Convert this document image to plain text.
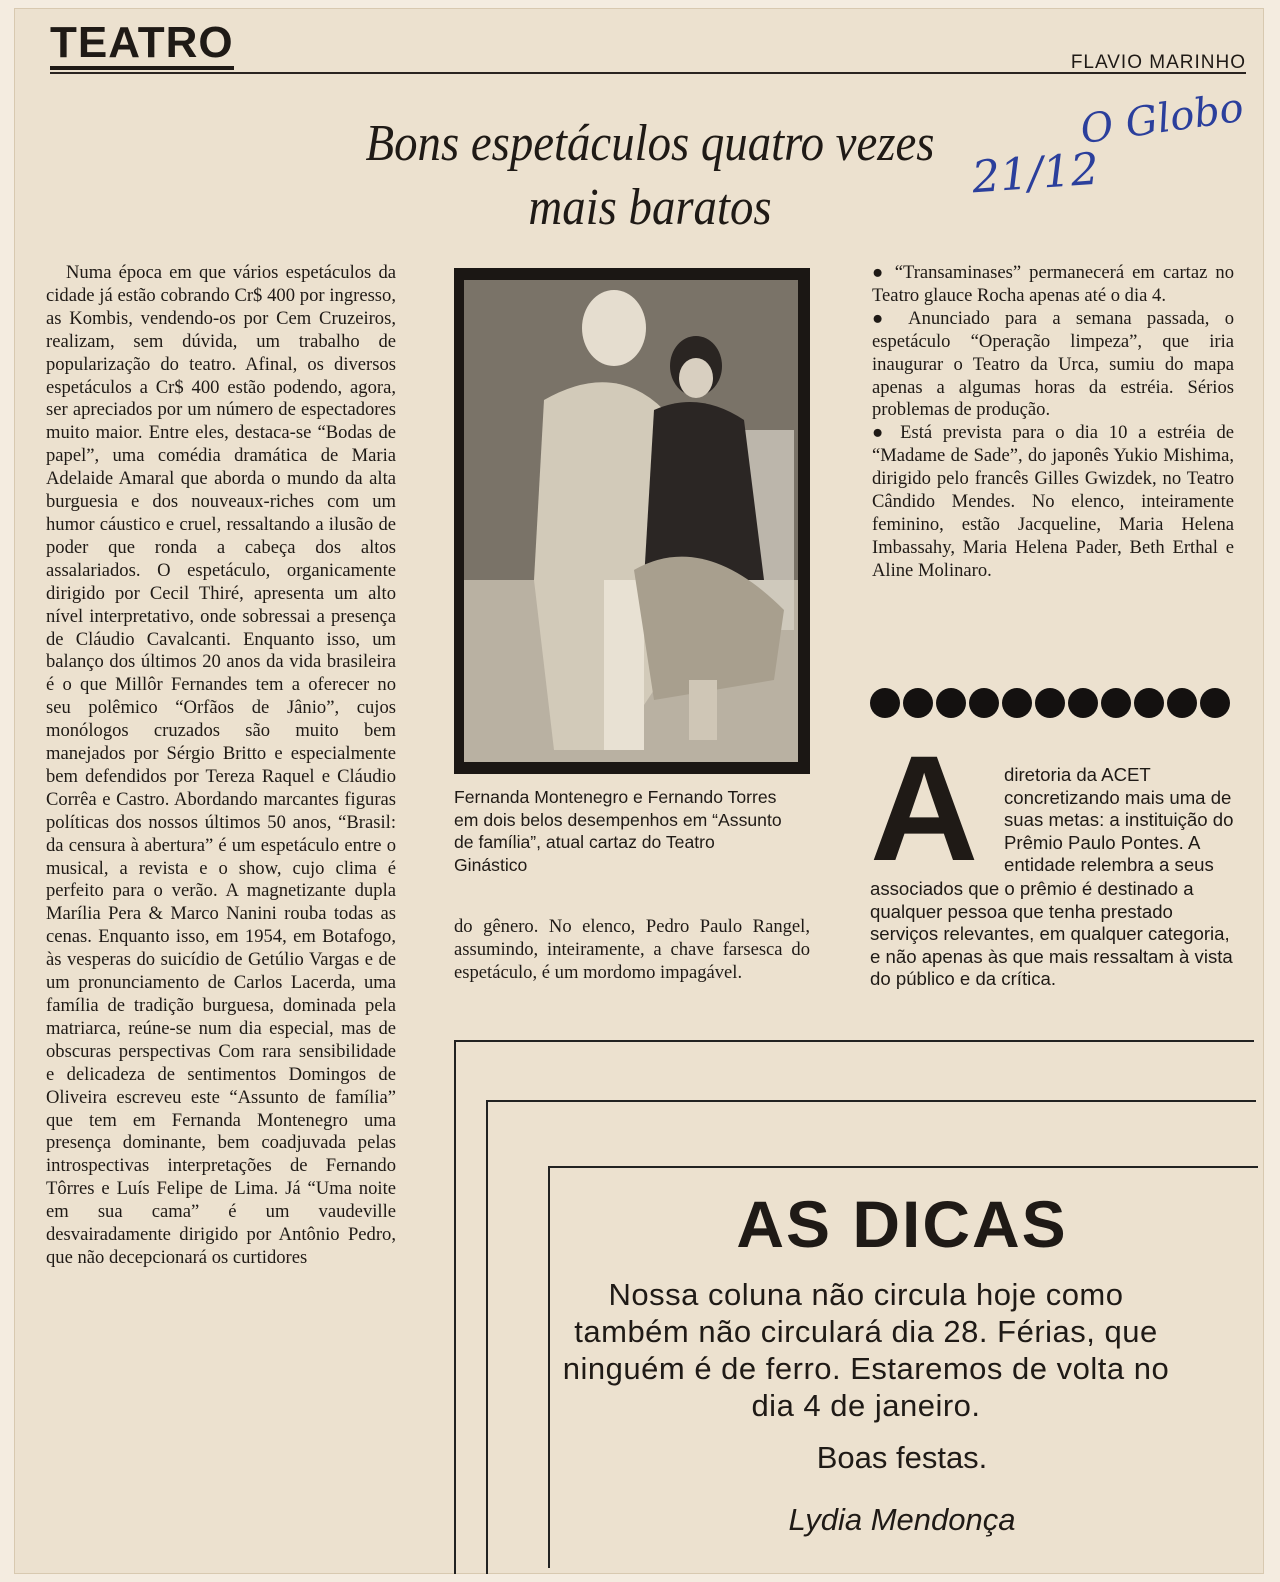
TEATRO	FLAVIO MARINHO
O Globo
21/12
Bons espetáculos quatro vezes mais baratos
Numa época em que vários espetáculos da cidade já estão cobrando Cr$ 400 por ingresso, as Kombis, vendendo-os por Cem Cruzeiros, realizam, sem dúvida, um trabalho de popularização do teatro. Afinal, os diversos espetáculos a Cr$ 400 estão podendo, agora, ser apreciados por um número de espectadores muito maior. Entre eles, destaca-se “Bodas de papel”, uma comédia dramática de Maria Adelaide Amaral que aborda o mundo da alta burguesia e dos nouveaux-riches com um humor cáustico e cruel, ressaltando a ilusão de poder que ronda a cabeça dos altos assalariados. O espetáculo, organicamente dirigido por Cecil Thiré, apresenta um alto nível interpretativo, onde sobressai a presença de Cláudio Cavalcanti. Enquanto isso, um balanço dos últimos 20 anos da vida brasileira é o que Millôr Fernandes tem a oferecer no seu polêmico “Orfãos de Jânio”, cujos monólogos cruzados são muito bem manejados por Sérgio Britto e especialmente bem defendidos por Tereza Raquel e Cláudio Corrêa e Castro. Abordando marcantes figuras políticas dos nossos últimos 50 anos, “Brasil: da censura à abertura” é um espetáculo entre o musical, a revista e o show, cujo clima é perfeito para o verão. A magnetizante dupla Marília Pera & Marco Nanini rouba todas as cenas. Enquanto isso, em 1954, em Botafogo, às vesperas do suicídio de Getúlio Vargas e de um pronunciamento de Carlos Lacerda, uma família de tradição burguesa, dominada pela matriarca, reúne-se num dia especial, mas de obscuras perspectivas Com rara sensibilidade e delicadeza de sentimentos Domingos de Oliveira escreveu este “Assunto de família” que tem em Fernanda Montenegro uma presença dominante, bem coadjuvada pelas introspectivas interpretações de Fernando Tôrres e Luís Felipe de Lima. Já “Uma noite em sua cama” é um vaudeville desvairadamente dirigido por Antônio Pedro, que não decepcionará os curtidores
Fernanda Montenegro e Fernando Torres em dois belos desempenhos em “Assunto de família”, atual cartaz do Teatro Ginástico
do gênero. No elenco, Pedro Paulo Rangel, assumindo, inteiramente, a chave farsesca do espetáculo, é um mordomo impagável.
● “Transaminases” permanecerá em cartaz no Teatro glauce Rocha apenas até o dia 4.
● Anunciado para a semana passada, o espetáculo “Operação limpeza”, que iria inaugurar o Teatro da Urca, sumiu do mapa apenas a algumas horas da estréia. Sérios problemas de produção.
● Está prevista para o dia 10 a estréia de “Madame de Sade”, do japonês Yukio Mishima, dirigido pelo francês Gilles Gwizdek, no Teatro Cândido Mendes. No elenco, inteiramente feminino, estão Jacqueline, Maria Helena Imbassahy, Maria Helena Pader, Beth Erthal e Aline Molinaro.
A diretoria da ACET concretizando mais uma de suas metas: a instituição do Prêmio Paulo Pontes. A entidade relembra a seus
associados que o prêmio é destinado a qualquer pessoa que tenha prestado serviços relevantes, em qualquer categoria, e não apenas às que mais ressaltam à vista do público e da crítica.
AS DICAS
Nossa coluna não circula hoje como também não circulará dia 28. Férias, que ninguém é de ferro. Estaremos de volta no dia 4 de janeiro.
Boas festas.
Lydia Mendonça
